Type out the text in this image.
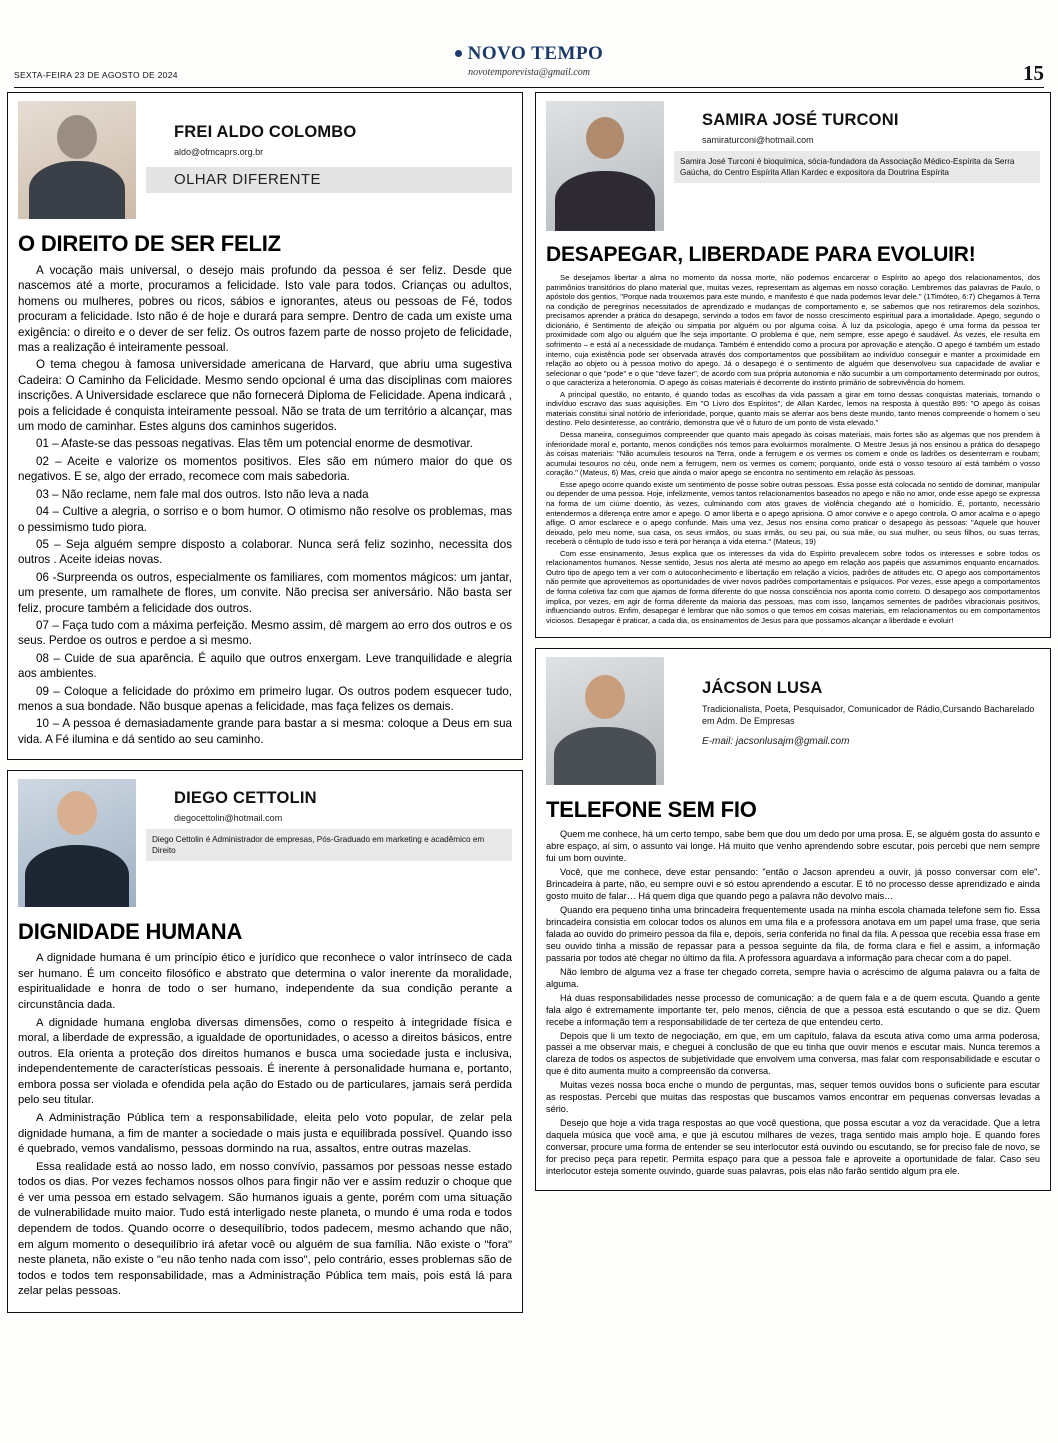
NOVO TEMPO
novotemporevista@gmail.com
SEXTA-FEIRA 23 DE AGOSTO DE 2024	15
FREI ALDO COLOMBO
aldo@ofmcaprs.org.br
OLHAR DIFERENTE
O DIREITO DE SER FELIZ

A vocação mais universal, o desejo mais profundo da pessoa é ser feliz. Desde que nascemos até a morte, procuramos a felicidade. Isto vale para todos. Crianças ou adultos, homens ou mulheres, pobres ou ricos, sábios e ignorantes, ateus ou pessoas de Fé, todos procuram a felicidade. Isto não é de hoje e durará para sempre. Dentro de cada um existe uma exigência: o direito e o dever de ser feliz. Os outros fazem parte de nosso projeto de felicidade, mas a realização é inteiramente pessoal.

O tema chegou à famosa universidade americana de Harvard, que abriu uma sugestiva Cadeira: O Caminho da Felicidade. Mesmo sendo opcional é uma das disciplinas com maiores inscrições. A Universidade esclarece que não fornecerá Diploma de Felicidade. Apena indicará , pois a felicidade é conquista inteiramente pessoal. Não se trata de um território a alcançar, mas um modo de caminhar. Estes alguns dos caminhos sugeridos.

01 – Afaste-se das pessoas negativas. Elas têm um potencial enorme de desmotivar.

02 – Aceite e valorize os momentos positivos. Eles são em número maior do que os negativos. E se, algo der errado, recomece com mais sabedoria.

03 – Não reclame, nem fale mal dos outros. Isto não leva a nada

04 – Cultive a alegria, o sorriso e o bom humor. O otimismo não resolve os problemas, mas o pessimismo tudo piora.

05 – Seja alguém sempre disposto a colaborar. Nunca será feliz sozinho, necessita dos outros . Aceite ideias novas.

06 -Surpreenda os outros, especialmente os familiares, com momentos mágicos: um jantar, um presente, um ramalhete de flores, um convite. Não precisa ser aniversário. Não basta ser feliz, procure também a felicidade dos outros.

07 – Faça tudo com a máxima perfeição. Mesmo assim, dê margem ao erro dos outros e os seus. Perdoe os outros e perdoe a si mesmo.

08 – Cuide de sua aparência. É aquilo que outros enxergam. Leve tranquilidade e alegria aos ambientes.

09 – Coloque a felicidade do próximo em primeiro lugar. Os outros podem esquecer tudo, menos a sua bondade. Não busque apenas a felicidade, mas faça felizes os demais.

10 – A pessoa é demasiadamente grande para bastar a si mesma: coloque a Deus em sua vida. A Fé ilumina e dá sentido ao seu caminho.

DIEGO CETTOLIN
diegocettolin@hotmail.com
Diego Cettolin é Administrador de empresas, Pós-Graduado em marketing e acadêmico em Direito
DIGNIDADE HUMANA

A dignidade humana é um princípio ético e jurídico que reconhece o valor intrínseco de cada ser humano. É um conceito filosófico e abstrato que determina o valor inerente da moralidade, espiritualidade e honra de todo o ser humano, independente da sua condição perante a circunstância dada.

A dignidade humana engloba diversas dimensões, como o respeito à integridade física e moral, a liberdade de expressão, a igualdade de oportunidades, o acesso a direitos básicos, entre outros. Ela orienta a proteção dos direitos humanos e busca uma sociedade justa e inclusiva, independentemente de características pessoais. É inerente à personalidade humana e, portanto, embora possa ser violada e ofendida pela ação do Estado ou de particulares, jamais será perdida pelo seu titular.

A Administração Pública tem a responsabilidade, eleita pelo voto popular, de zelar pela dignidade humana, a fim de manter a sociedade o mais justa e equilibrada possível. Quando isso é quebrado, vemos vandalismo, pessoas dormindo na rua, assaltos, entre outras mazelas.

Essa realidade está ao nosso lado, em nosso convívio, passamos por pessoas nesse estado todos os dias. Por vezes fechamos nossos olhos para fingir não ver e assim reduzir o choque que é ver uma pessoa em estado selvagem. São humanos iguais a gente, porém com uma situação de vulnerabilidade muito maior. Tudo está interligado neste planeta, o mundo é uma roda e todos dependem de todos. Quando ocorre o desequilíbrio, todos padecem, mesmo achando que não, em algum momento o desequilíbrio irá afetar você ou alguém de sua família. Não existe o "fora" neste planeta, não existe o "eu não tenho nada com isso", pelo contrário, esses problemas são de todos e todos tem responsabilidade, mas a Administração Pública tem mais, pois está lá para zelar pelas pessoas.

SAMIRA JOSÉ TURCONI
samiraturconi@hotmail.com
Samira José Turconi é bioquímica, sócia-fundadora da Associação Médico-Espírita da Serra Gaúcha, do Centro Espírita Allan Kardec e expositora da Doutrina Espírita
DESAPEGAR, LIBERDADE PARA EVOLUIR!

Se desejamos libertar a alma no momento da nossa morte, não podemos encarcerar o Espírito ao apego dos relacionamentos, dos patrimônios transitórios do plano material que, muitas vezes, representam as algemas em nosso coração. Lembremos das palavras de Paulo, o apóstolo dos gentios, "Porque nada trouxemos para este mundo, e manifesto é que nada podemos levar dele." (1Timóteo, 6:7) Chegamos à Terra na condição de peregrinos necessitados de aprendizado e mudanças de comportamento e, se sabemos que nos retiraremos dela sozinhos, precisamos aprender a prática do desapego, servindo a todos em favor de nosso crescimento espiritual para a imortalidade. Apego, segundo o dicionário, é Sentimento de afeição ou simpatia por alguém ou por alguma coisa. À luz da psicologia, apego é uma forma da pessoa ter proximidade com algo ou alguém que lhe seja importante. O problema é que, nem sempre, esse apego é saudável. Às vezes, ele resulta em sofrimento – e está aí a necessidade de mudança. Também é entendido como a procura por aprovação e atenção. O apego é também um estado interno, cuja existência pode ser observada através dos comportamentos que possibilitam ao indivíduo conseguir e manter a proximidade em relação ao objeto ou à pessoa motivo do apego. Já o desapego é o sentimento de alguém que desenvolveu sua capacidade de avaliar e selecionar o que "pode" e o que "deve fazer", de acordo com sua própria autonomia e não sucumbir a um comportamento determinado por outros, o que caracteriza a heteronomia. O apego às coisas materiais é decorrente do instinto primário de sobrevivência do homem.

A principal questão, no entanto, é quando todas as escolhas da vida passam a girar em torno dessas conquistas materiais, tornando o indivíduo escravo das suas aquisições. Em "O Livro dos Espíritos", de Allan Kardec, lemos na resposta à questão 895: "O apego às coisas materiais constitui sinal notório de inferioridade, porque, quanto mais se aferrar aos bens deste mundo, tanto menos compreende o homem o seu destino. Pelo desinteresse, ao contrário, demonstra que vê o futuro de um ponto de vista elevado."

Dessa maneira, conseguimos compreender que quanto mais apegado às coisas materiais, mais fortes são as algemas que nos prendem à inferioridade moral e, portanto, menos condições nós temos para evoluirmos moralmente. O Mestre Jesus já nos ensinou a prática do desapego às coisas materiais: "Não acumuleis tesouros na Terra, onde a ferrugem e os vermes os comem e onde os ladrões os desenterram e roubam; acumulai tesouros no céu, onde nem a ferrugem, nem os vermes os comem; porquanto, onde está o vosso tesouro aí está também o vosso coração." (Mateus, 6) Mas, creio que ainda o maior apego se encontra no sentimento em relação às pessoas.

Esse apego ocorre quando existe um sentimento de posse sobre outras pessoas. Essa posse está colocada no sentido de dominar, manipular ou depender de uma pessoa. Hoje, infelizmente, vemos tantos relacionamentos baseados no apego e não no amor, onde esse apego se expressa na forma de um ciúme doentio, às vezes, culminando com atos graves de violência chegando até o homicídio. É, portanto, necessário entendermos a diferença entre amor e apego. O amor liberta e o apego aprisiona. O amor convive e o apego controla. O amor acalma e o apego aflige. O amor esclarece e o apego confunde. Mais uma vez, Jesus nos ensina como praticar o desapego às pessoas: "Aquele que houver deixado, pelo meu nome, sua casa, os seus irmãos, ou suas irmãs, ou seu pai, ou sua mãe, ou sua mulher, ou seus filhos, ou suas terras, receberá o cêntuplo de tudo isso e terá por herança a vida eterna." (Mateus, 19)

Com esse ensinamento, Jesus explica que os interesses da vida do Espírito prevalecem sobre todos os interesses e sobre todos os relacionamentos humanos. Nesse sentido, Jesus nos alerta até mesmo ao apego em relação aos papéis que assumimos enquanto encarnados. Outro tipo de apego tem a ver com o autoconhecimento e libertação em relação a vícios, padrões de atitudes etc. O apego aos comportamentos não permite que aproveitemos as oportunidades de viver novos padrões comportamentais e psíquicos. Por vezes, esse apego a comportamentos de forma coletiva faz com que ajamos de forma diferente do que nossa consciência nos aponta como correto. O desapego aos comportamentos implica, por vezes, em agir de forma diferente da maioria das pessoas, mas com isso, lançamos sementes de padrões vibracionais positivos, influenciando outros. Enfim, desapegar é lembrar que não somos o que temos em coisas materiais, em relacionamentos ou em comportamentos viciosos. Desapegar é praticar, a cada dia, os ensinamentos de Jesus para que possamos alcançar a liberdade e evoluir!

JÁCSON LUSA
Tradicionalista, Poeta, Pesquisador, Comunicador de Rádio,Cursando Bacharelado em Adm. De Empresas
E-mail: jacsonlusajm@gmail.com
TELEFONE SEM FIO

Quem me conhece, há um certo tempo, sabe bem que dou um dedo por uma prosa. E, se alguém gosta do assunto e abre espaço, aí sim, o assunto vai longe. Há muito que venho aprendendo sobre escutar, pois percebi que nem sempre fui um bom ouvinte.

Você, que me conhece, deve estar pensando: "então o Jacson aprendeu a ouvir, já posso conversar com ele". Brincadeira à parte, não, eu sempre ouvi e só estou aprendendo a escutar. E tô no processo desse aprendizado e ainda gosto muito de falar… Há quem diga que quando pego a palavra não devolvo mais…

Quando era pequeno tinha uma brincadeira frequentemente usada na minha escola chamada telefone sem fio. Essa brincadeira consistia em colocar todos os alunos em uma fila e a professora anotava em um papel uma frase, que seria falada ao ouvido do primeiro pessoa da fila e, depois, seria conferida no final da fila. A pessoa que recebia essa frase em seu ouvido tinha a missão de repassar para a pessoa seguinte da fila, de forma clara e fiel e assim, a informação passaria por todos até chegar no último da fila. A professora aguardava a informação para checar com a do papel.

Não lembro de alguma vez a frase ter chegado correta, sempre havia o acréscimo de alguma palavra ou a falta de alguma.

Há duas responsabilidades nesse processo de comunicação: a de quem fala e a de quem escuta. Quando a gente fala algo é extremamente importante ter, pelo menos, ciência de que a pessoa está escutando o que se diz. Quem recebe a informação tem a responsabilidade de ter certeza de que entendeu certo.

Depois que li um texto de negociação, em que, em um capítulo, falava da escuta ativa como uma arma poderosa, passei a me observar mais, e cheguei à conclusão de que eu tinha que ouvir menos e escutar mais. Nunca teremos a clareza de todos os aspectos de subjetividade que envolvem uma conversa, mas falar com responsabilidade e escutar o que é dito aumenta muito a compreensão da conversa.

Muitas vezes nossa boca enche o mundo de perguntas, mas, sequer temos ouvidos bons o suficiente para escutar as respostas. Percebi que muitas das respostas que buscamos vamos encontrar em pequenas conversas levadas a sério.

Desejo que hoje a vida traga respostas ao que você questiona, que possa escutar a voz da veracidade. Que a letra daquela música que você ama, e que já escutou milhares de vezes, traga sentido mais amplo hoje. E quando fores conversar, procure uma forma de entender se seu interlocutor está ouvindo ou escutando, se for preciso fale de novo, se for preciso peça para repetir. Permita espaço para que a pessoa fale e aproveite a oportunidade de falar. Caso seu interlocutor esteja somente ouvindo, guarde suas palavras, pois elas não farão sentido algum pra ele.
